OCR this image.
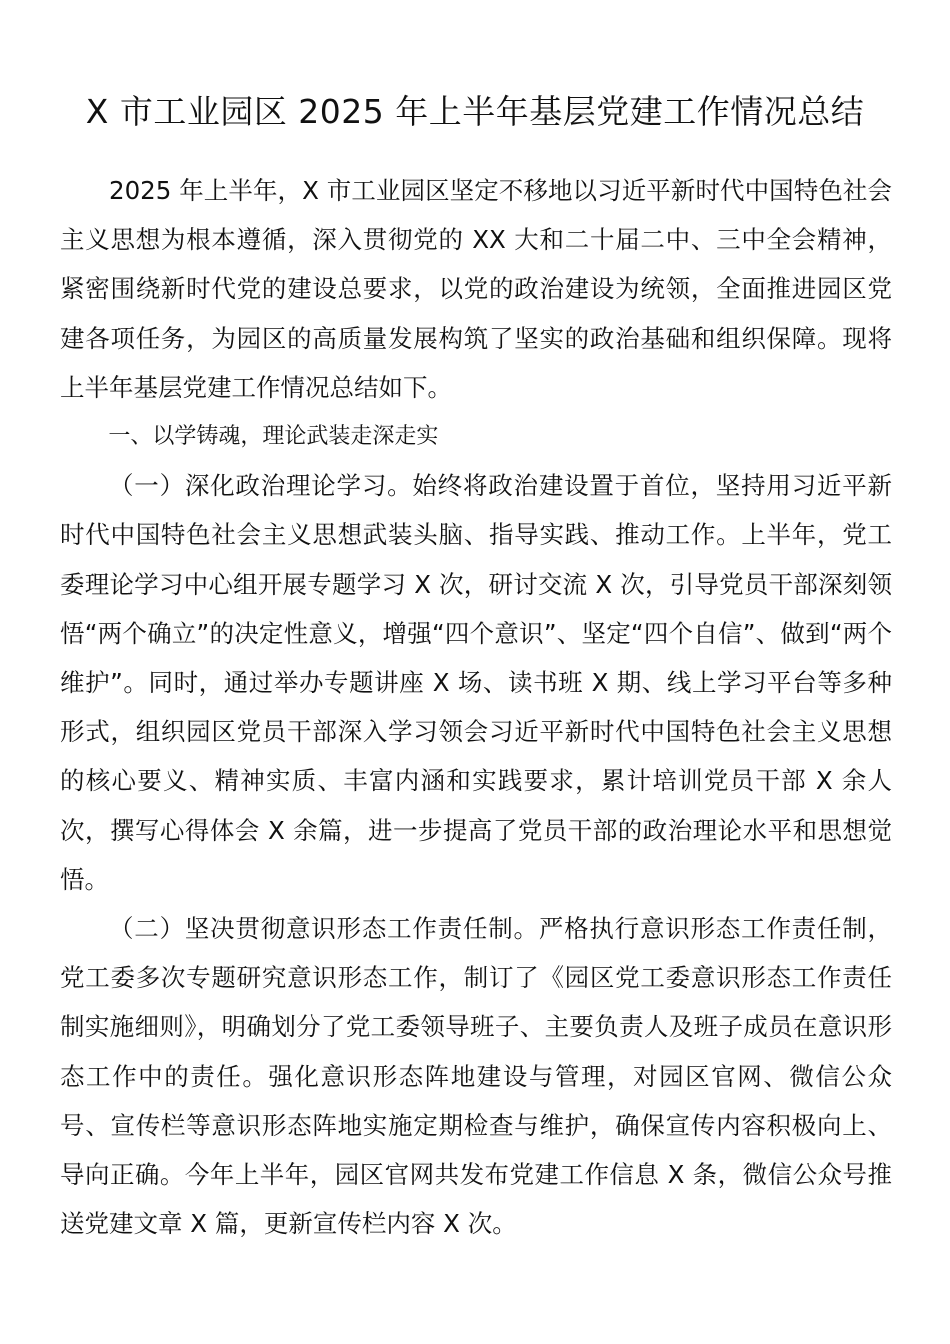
X 市工业园区 2025 年上半年基层党建工作情况总结

2025 年上半年，X 市工业园区坚定不移地以习近平新时代中国特色社会主义思想为根本遵循，深入贯彻党的 XX 大和二十届二中、三中全会精神，紧密围绕新时代党的建设总要求，以党的政治建设为统领，全面推进园区党建各项任务，为园区的高质量发展构筑了坚实的政治基础和组织保障。现将上半年基层党建工作情况总结如下。

一、以学铸魂，理论武装走深走实

（一）深化政治理论学习。始终将政治建设置于首位，坚持用习近平新时代中国特色社会主义思想武装头脑、指导实践、推动工作。上半年，党工委理论学习中心组开展专题学习 X 次，研讨交流 X 次，引导党员干部深刻领悟“两个确立”的决定性意义，增强“四个意识”、坚定“四个自信”、做到“两个维护”。同时，通过举办专题讲座 X 场、读书班 X 期、线上学习平台等多种形式，组织园区党员干部深入学习领会习近平新时代中国特色社会主义思想的核心要义、精神实质、丰富内涵和实践要求，累计培训党员干部 X 余人次，撰写心得体会 X 余篇，进一步提高了党员干部的政治理论水平和思想觉悟。

（二）坚决贯彻意识形态工作责任制。严格执行意识形态工作责任制，党工委多次专题研究意识形态工作，制订了《园区党工委意识形态工作责任制实施细则》，明确划分了党工委领导班子、主要负责人及班子成员在意识形态工作中的责任。强化意识形态阵地建设与管理，对园区官网、微信公众号、宣传栏等意识形态阵地实施定期检查与维护，确保宣传内容积极向上、导向正确。今年上半年，园区官网共发布党建工作信息 X 条，微信公众号推送党建文章 X 篇，更新宣传栏内容 X 次。
